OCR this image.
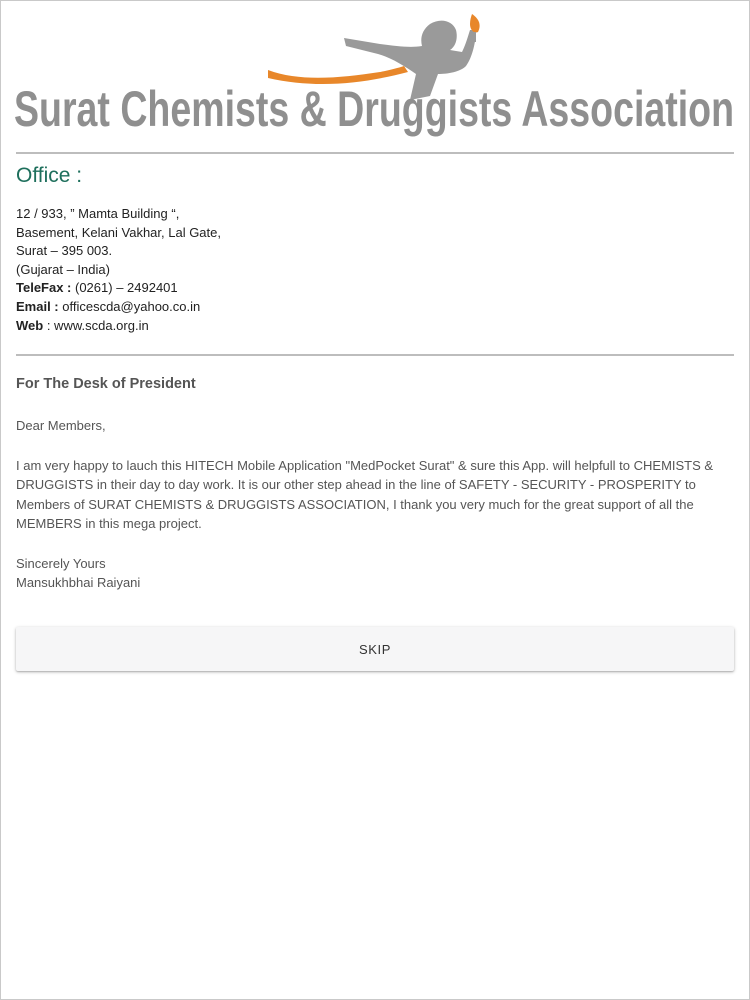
Surat Chemists & Druggists Association
Office :
12 / 933, ” Mamta Building “,
Basement, Kelani Vakhar, Lal Gate,
Surat – 395 003.
(Gujarat – India)
TeleFax : (0261) – 2492401
Email : officescda@yahoo.co.in
Web : www.scda.org.in
For The Desk of President

Dear Members,

I am very happy to lauch this HITECH Mobile Application "MedPocket Surat" & sure this App. will helpfull to CHEMISTS & DRUGGISTS in their day to day work. It is our other step ahead in the line of SAFETY - SECURITY - PROSPERITY to Members of SURAT CHEMISTS & DRUGGISTS ASSOCIATION, I thank you very much for the great support of all the MEMBERS in this mega project.

Sincerely Yours

Mansukhbhai Raiyani

SKIP
